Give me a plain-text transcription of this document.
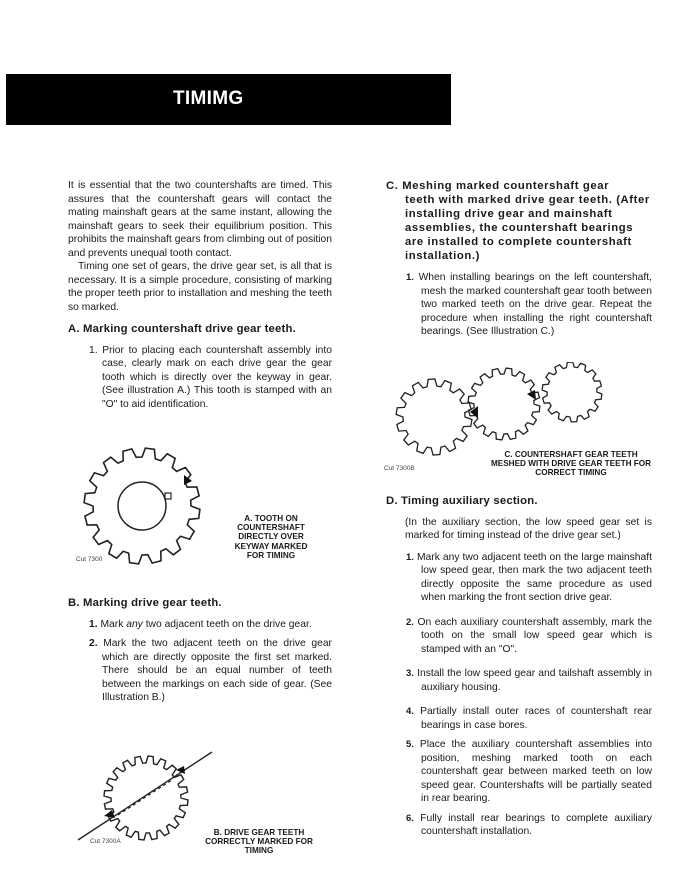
TIMIMG

It is essential that the two countershafts are timed. This assures that the countershaft gears will contact the mating mainshaft gears at the same instant, allowing the mainshaft gears to seek their equilibrium position. This prohibits the mainshaft gears from climbing out of position and prevents unequal tooth contact.

Timing one set of gears, the drive gear set, is all that is necessary. It is a simple procedure, consisting of marking the proper teeth prior to installation and meshing the teeth so marked.

A. Marking countershaft drive gear teeth.

1. Prior to placing each countershaft assembly into case, clearly mark on each drive gear the gear tooth which is directly over the keyway in gear. (See illustration A.) This tooth is stamped with an "O" to aid identification.

Cut 7300
A. TOOTH ON COUNTERSHAFT DIRECTLY OVER KEYWAY MARKED FOR TIMING
B. Marking drive gear teeth.

1. Mark any two adjacent teeth on the drive gear.

2. Mark the two adjacent teeth on the drive gear which are directly opposite the first set marked. There should be an equal number of teeth between the markings on each side of gear. (See Illustration B.)

Cut 7300A
B. DRIVE GEAR TEETH CORRECTLY MARKED FOR TIMING

C. Meshing marked countershaft gear
teeth with marked drive gear teeth. (After installing drive gear and mainshaft assemblies, the countershaft bearings are installed to complete countershaft installation.)

1. When installing bearings on the left countershaft, mesh the marked countershaft gear tooth between two marked teeth on the drive gear. Repeat the procedure when installing the right countershaft bearings. (See Illustration C.)

Cut 7300B
C. COUNTERSHAFT GEAR TEETH MESHED WITH DRIVE GEAR TEETH FOR CORRECT TIMING
D. Timing auxiliary section.

(In the auxiliary section, the low speed gear set is marked for timing instead of the drive gear set.)

1. Mark any two adjacent teeth on the large mainshaft low speed gear, then mark the two adjacent teeth directly opposite the same procedure as used when marking the front section drive gear.

2. On each auxiliary countershaft assembly, mark the tooth on the small low speed gear which is stamped with an "O".

3. Install the low speed gear and tailshaft assembly in auxiliary housing.

4. Partially install outer races of countershaft rear bearings in case bores.

5. Place the auxiliary countershaft assemblies into position, meshing marked tooth on each countershaft gear between marked teeth on low speed gear. Countershafts will be partially seated in rear bearing.

6. Fully install rear bearings to complete auxiliary countershaft installation.
